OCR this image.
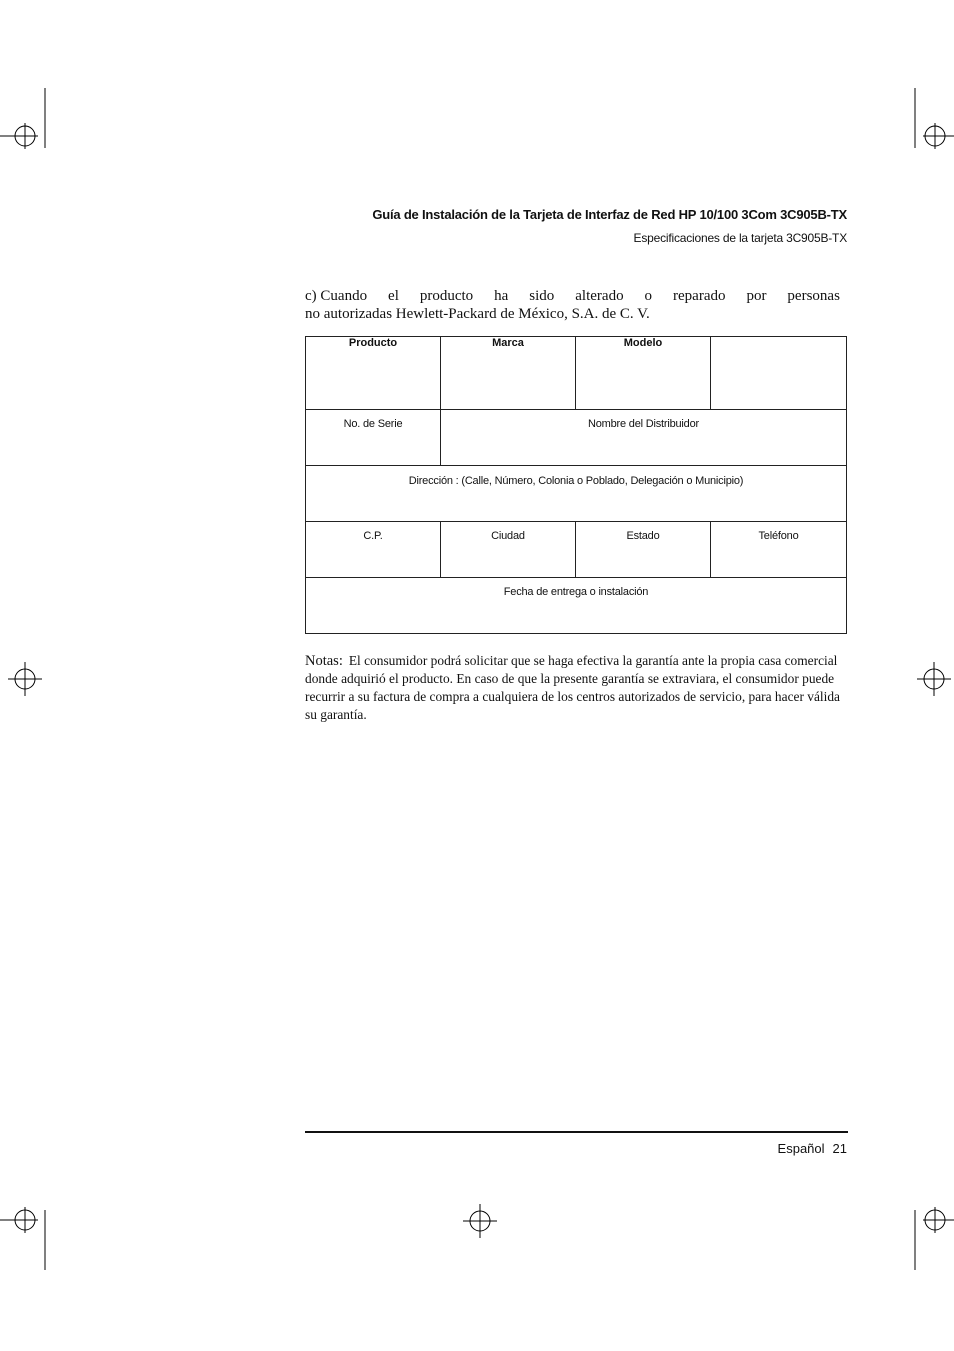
Guía de Instalación de la Tarjeta de Interfaz de Red HP 10/100 3Com 3C905B-TX
Especificaciones de la tarjeta 3C905B-TX
c) Cuando el producto ha sido alterado o reparado por personas
no autorizadas Hewlett-Packard de México, S.A. de C. V.
Producto	Marca	Modelo	

No. de Serie	Nombre del Distribuidor		

Dirección : (Calle, Número, Colonia o Poblado, Delegación o Municipio)			

C.P.	Ciudad	Estado	Teléfono

Fecha de entrega o instalación			
Notas: El consumidor podrá solicitar que se haga efectiva la garantía ante la propia casa comercial donde adquirió el producto. En caso de que la presente garantía se extraviara, el consumidor puede recurrir a su factura de compra a cualquiera de los centros autorizados de servicio, para hacer válida su garantía.
Español 21
